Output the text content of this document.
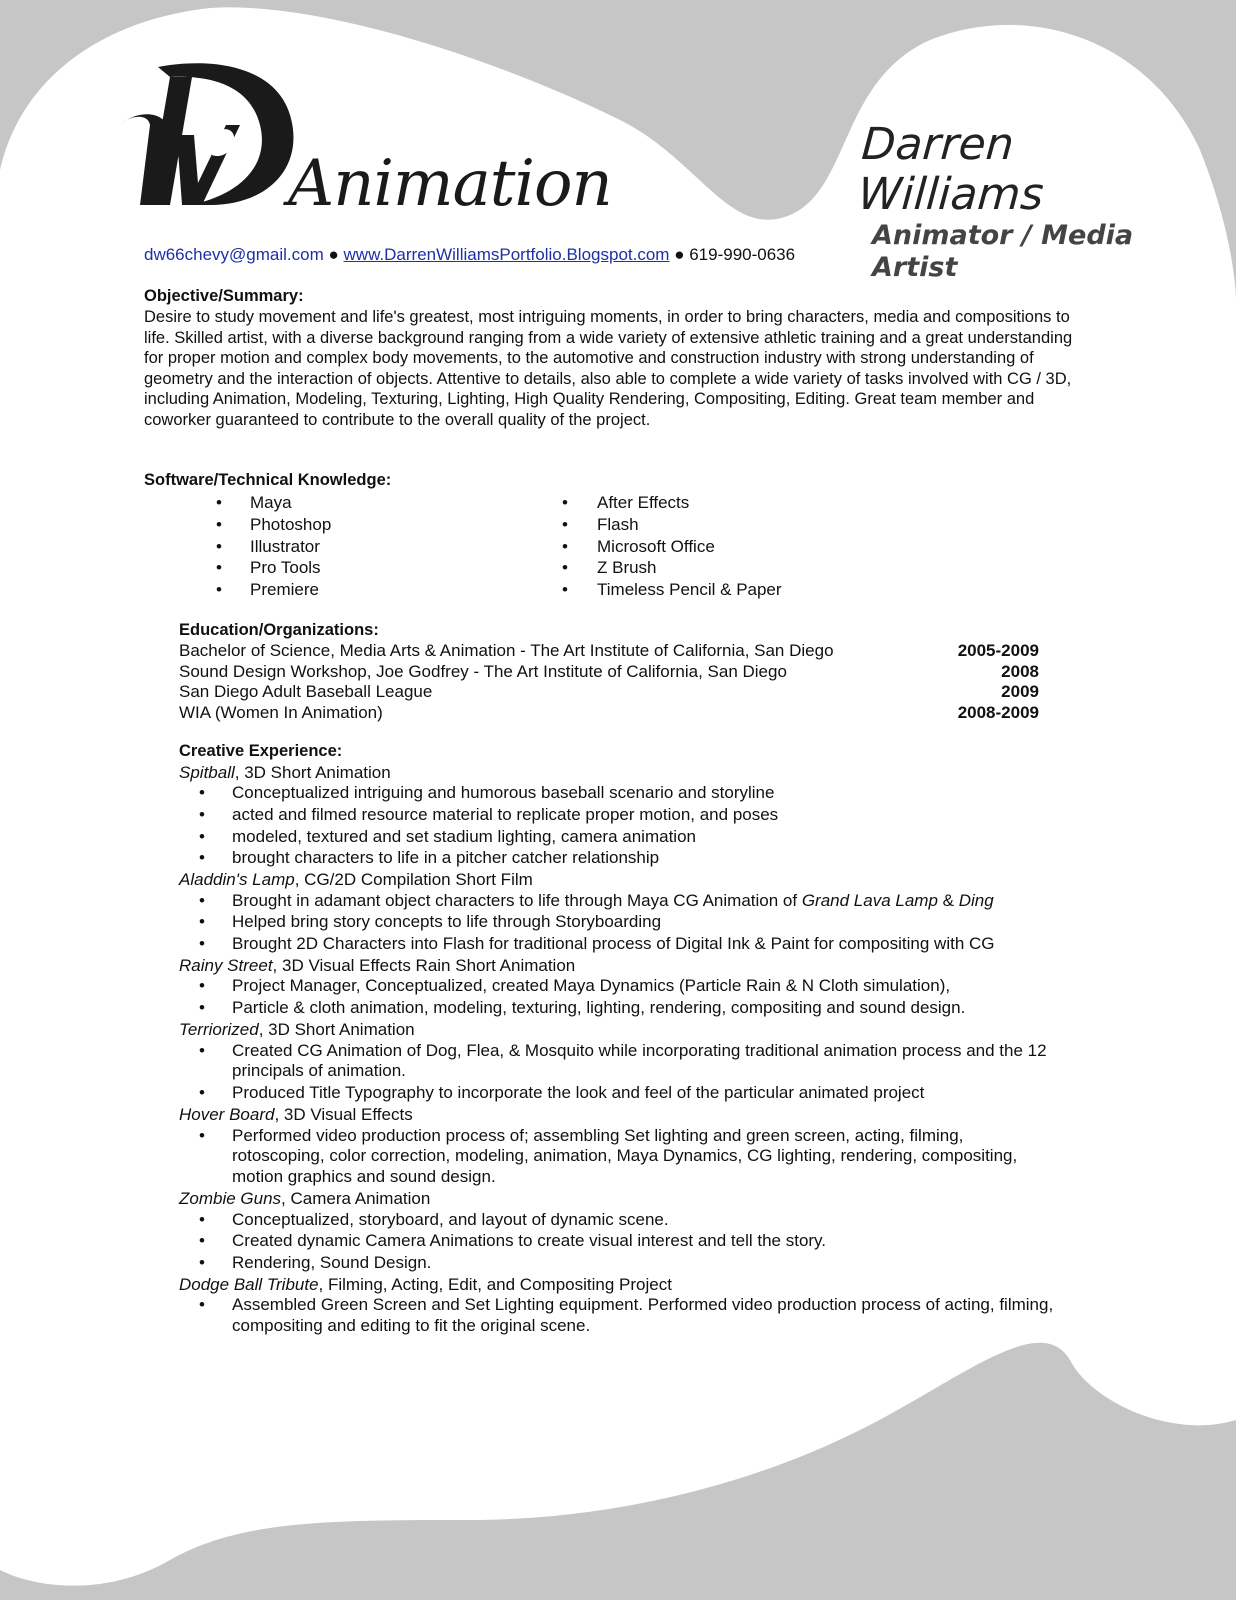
Animation
Darren Williams
Animator / Media Artist
dw66chevy@gmail.com ● www.DarrenWilliamsPortfolio.Blogspot.com ● 619-990-0636
Objective/Summary:
Desire to study movement and life's greatest, most intriguing moments, in order to bring characters, media and compositions to life. Skilled artist, with a diverse background ranging from a wide variety of extensive athletic training and a great understanding for proper motion and complex body movements, to the automotive and construction industry with strong understanding of geometry and the interaction of objects. Attentive to details, also able to complete a wide variety of tasks involved with CG / 3D, including Animation, Modeling, Texturing, Lighting, High Quality Rendering, Compositing, Editing. Great team member and coworker guaranteed to contribute to the overall quality of the project.
Software/Technical Knowledge:
• Maya
• Photoshop
• Illustrator
• Pro Tools
• Premiere
• After Effects
• Flash
• Microsoft Office
• Z Brush
• Timeless Pencil & Paper
Education/Organizations:
Bachelor of Science, Media Arts & Animation - The Art Institute of California, San Diego	2005-2009
Sound Design Workshop, Joe Godfrey - The Art Institute of California, San Diego	2008
San Diego Adult Baseball League	2009
WIA (Women In Animation)	2008-2009
Creative Experience:
Spitball, 3D Short Animation
• Conceptualized intriguing and humorous baseball scenario and storyline
• acted and filmed resource material to replicate proper motion, and poses
• modeled, textured and set stadium lighting, camera animation
• brought characters to life in a pitcher catcher relationship
Aladdin's Lamp, CG/2D Compilation Short Film
• Brought in adamant object characters to life through Maya CG Animation of Grand Lava Lamp & Ding
• Helped bring story concepts to life through Storyboarding
• Brought 2D Characters into Flash for traditional process of Digital Ink & Paint for compositing with CG
Rainy Street, 3D Visual Effects Rain Short Animation
• Project Manager, Conceptualized, created Maya Dynamics (Particle Rain & N Cloth simulation),
• Particle & cloth animation, modeling, texturing, lighting, rendering, compositing and sound design.
Terriorized, 3D Short Animation
• Created CG Animation of Dog, Flea, & Mosquito while incorporating traditional animation process and the 12 principals of animation.
• Produced Title Typography to incorporate the look and feel of the particular animated project
Hover Board, 3D Visual Effects
• Performed video production process of; assembling Set lighting and green screen, acting, filming, rotoscoping, color correction, modeling, animation, Maya Dynamics, CG lighting, rendering, compositing, motion graphics and sound design.
Zombie Guns, Camera Animation
• Conceptualized, storyboard, and layout of dynamic scene.
• Created dynamic Camera Animations to create visual interest and tell the story.
• Rendering, Sound Design.
Dodge Ball Tribute, Filming, Acting, Edit, and Compositing Project
• Assembled Green Screen and Set Lighting equipment. Performed video production process of acting, filming, compositing and editing to fit the original scene.
